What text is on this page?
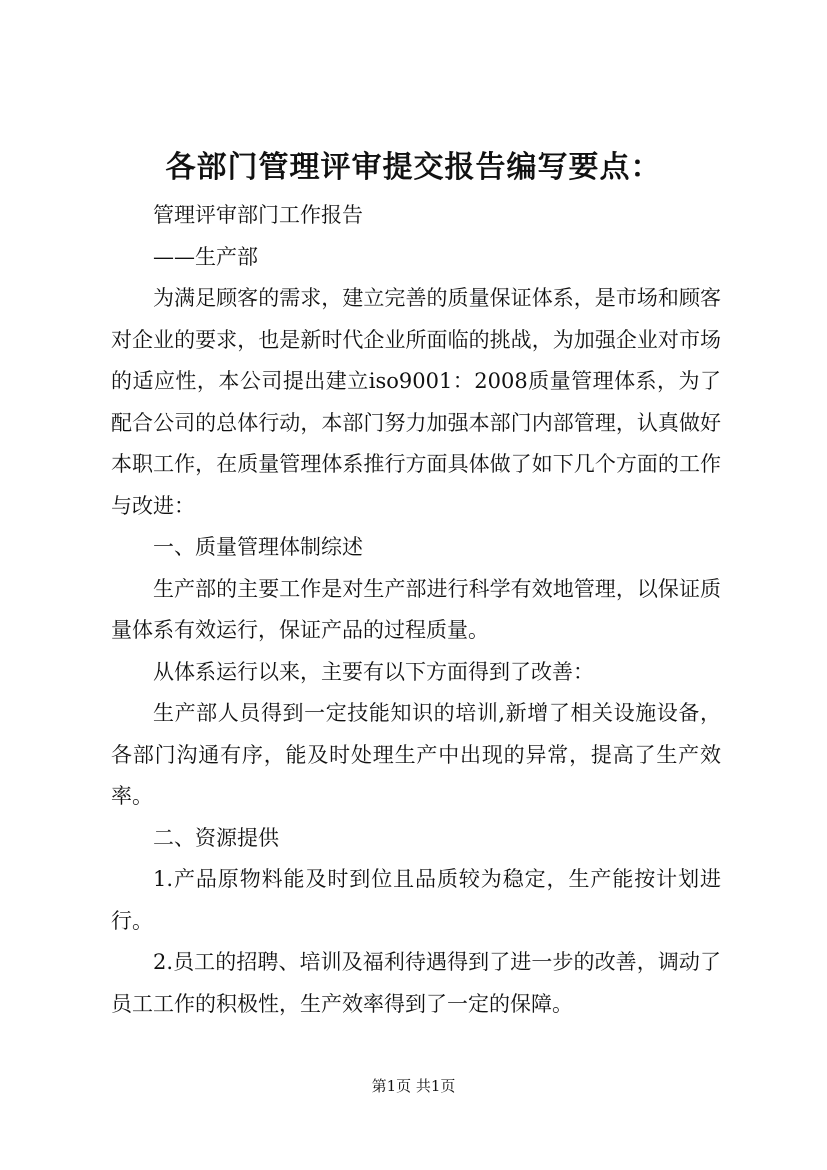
各部门管理评审提交报告编写要点：

管理评审部门工作报告

——生产部

为满足顾客的需求，建立完善的质量保证体系，是市场和顾客对企业的要求，也是新时代企业所面临的挑战，为加强企业对市场的适应性，本公司提出建立iso9001：2008质量管理体系，为了配合公司的总体行动，本部门努力加强本部门内部管理，认真做好本职工作，在质量管理体系推行方面具体做了如下几个方面的工作与改进：

一、质量管理体制综述

生产部的主要工作是对生产部进行科学有效地管理，以保证质量体系有效运行，保证产品的过程质量。

从体系运行以来，主要有以下方面得到了改善：

生产部人员得到一定技能知识的培训,新增了相关设施设备，各部门沟通有序，能及时处理生产中出现的异常，提高了生产效率。

二、资源提供

1.产品原物料能及时到位且品质较为稳定，生产能按计划进行。

2.员工的招聘、培训及福利待遇得到了进一步的改善，调动了员工工作的积极性，生产效率得到了一定的保障。

第1页 共1页
